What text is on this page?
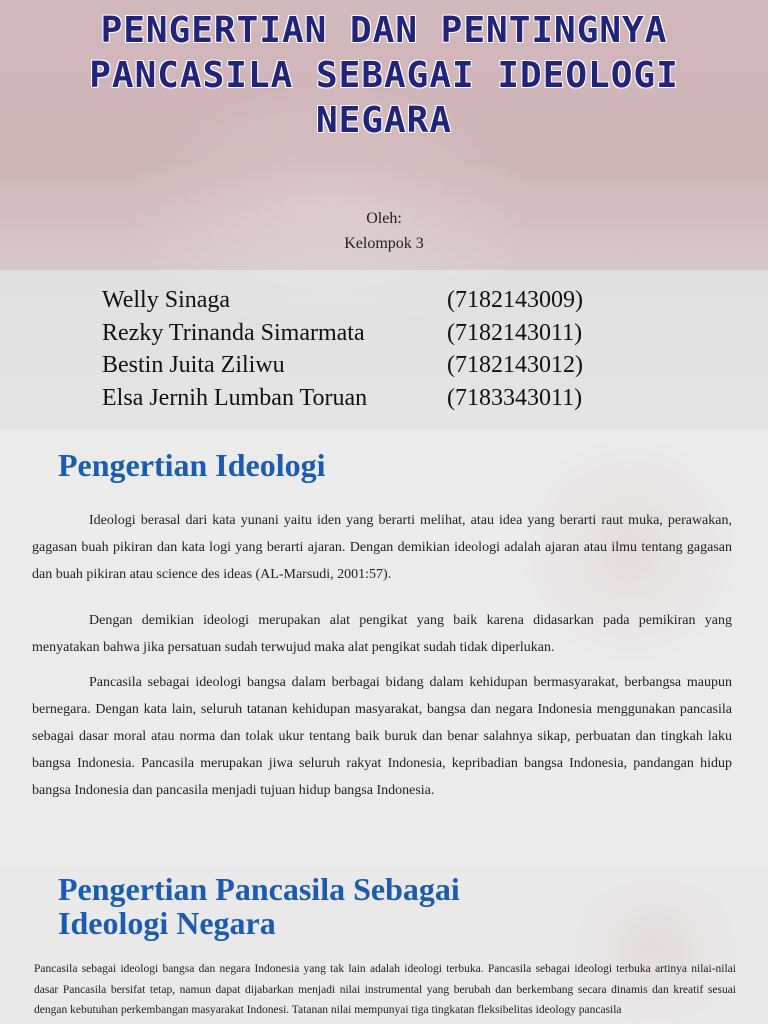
PENGERTIAN DAN PENTINGNYA
PANCASILA SEBAGAI IDEOLOGI
NEGARA
Oleh:
Kelompok 3
Welly Sinaga	(7182143009)
Rezky Trinanda Simarmata	(7182143011)
Bestin Juita Ziliwu	(7182143012)
Elsa Jernih Lumban Toruan	(7183343011)
Pengertian Ideologi

Ideologi berasal dari kata yunani yaitu iden yang berarti melihat, atau idea yang berarti raut muka, perawakan, gagasan buah pikiran dan kata logi yang berarti ajaran. Dengan demikian ideologi adalah ajaran atau ilmu tentang gagasan dan buah pikiran atau science des ideas (AL-Marsudi, 2001:57).

Dengan demikian ideologi merupakan alat pengikat yang baik karena didasarkan pada pemikiran yang menyatakan bahwa jika persatuan sudah terwujud maka alat pengikat sudah tidak diperlukan.

Pancasila sebagai ideologi bangsa dalam berbagai bidang dalam kehidupan bermasyarakat, berbangsa maupun bernegara. Dengan kata lain, seluruh tatanan kehidupan masyarakat, bangsa dan negara Indonesia menggunakan pancasila sebagai dasar moral atau norma dan tolak ukur tentang baik buruk dan benar salahnya sikap, perbuatan dan tingkah laku bangsa Indonesia. Pancasila merupakan jiwa seluruh rakyat Indonesia, kepribadian bangsa Indonesia, pandangan hidup bangsa Indonesia dan pancasila menjadi tujuan hidup bangsa Indonesia.

Pengertian Pancasila Sebagai
Ideologi Negara

Pancasila sebagai ideologi bangsa dan negara Indonesia yang tak lain adalah ideologi terbuka. Pancasila sebagai ideologi terbuka artinya nilai-nilai dasar Pancasila bersifat tetap, namun dapat dijabarkan menjadi nilai instrumental yang berubah dan berkembang secara dinamis dan kreatif sesuai dengan kebutuhan perkembangan masyarakat Indonesi. Tatanan nilai mempunyai tiga tingkatan fleksibelitas ideology pancasila
